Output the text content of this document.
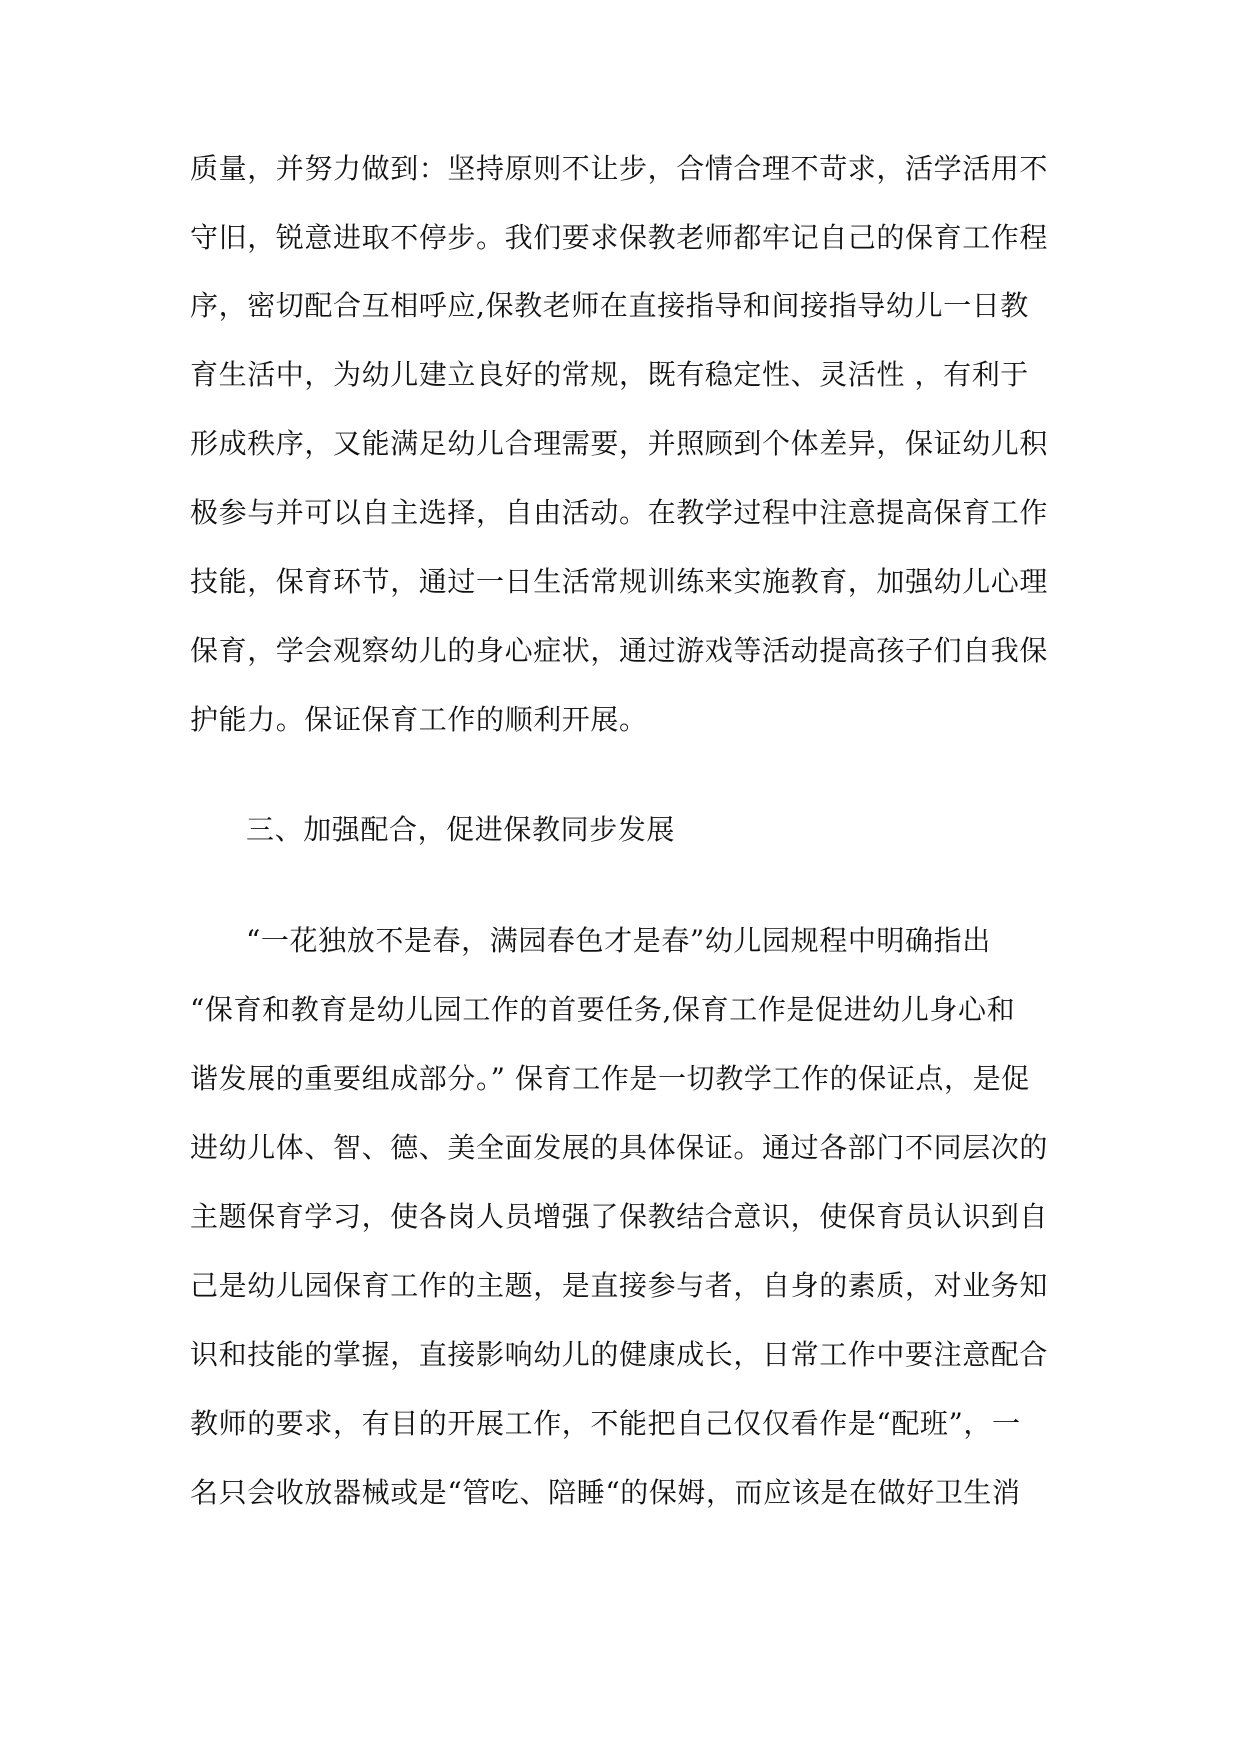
质量，并努力做到：坚持原则不让步，合情合理不苛求，活学活用不
守旧，锐意进取不停步。我们要求保教老师都牢记自己的保育工作程
序，密切配合互相呼应,保教老师在直接指导和间接指导幼儿一日教
育生活中，为幼儿建立良好的常规，既有稳定性、灵活性 ，有利于
形成秩序，又能满足幼儿合理需要，并照顾到个体差异，保证幼儿积
极参与并可以自主选择，自由活动。在教学过程中注意提高保育工作
技能，保育环节，通过一日生活常规训练来实施教育，加强幼儿心理
保育，学会观察幼儿的身心症状，通过游戏等活动提高孩子们自我保
护能力。保证保育工作的顺利开展。
三、加强配合，促进保教同步发展
“一花独放不是春，满园春色才是春”幼儿园规程中明确指出
“保育和教育是幼儿园工作的首要任务,保育工作是促进幼儿身心和
谐发展的重要组成部分。” 保育工作是一切教学工作的保证点，是促
进幼儿体、智、德、美全面发展的具体保证。通过各部门不同层次的
主题保育学习，使各岗人员增强了保教结合意识，使保育员认识到自
己是幼儿园保育工作的主题，是直接参与者，自身的素质，对业务知
识和技能的掌握，直接影响幼儿的健康成长，日常工作中要注意配合
教师的要求，有目的开展工作，不能把自己仅仅看作是“配班”，一
名只会收放器械或是“管吃、陪睡“的保姆，而应该是在做好卫生消
